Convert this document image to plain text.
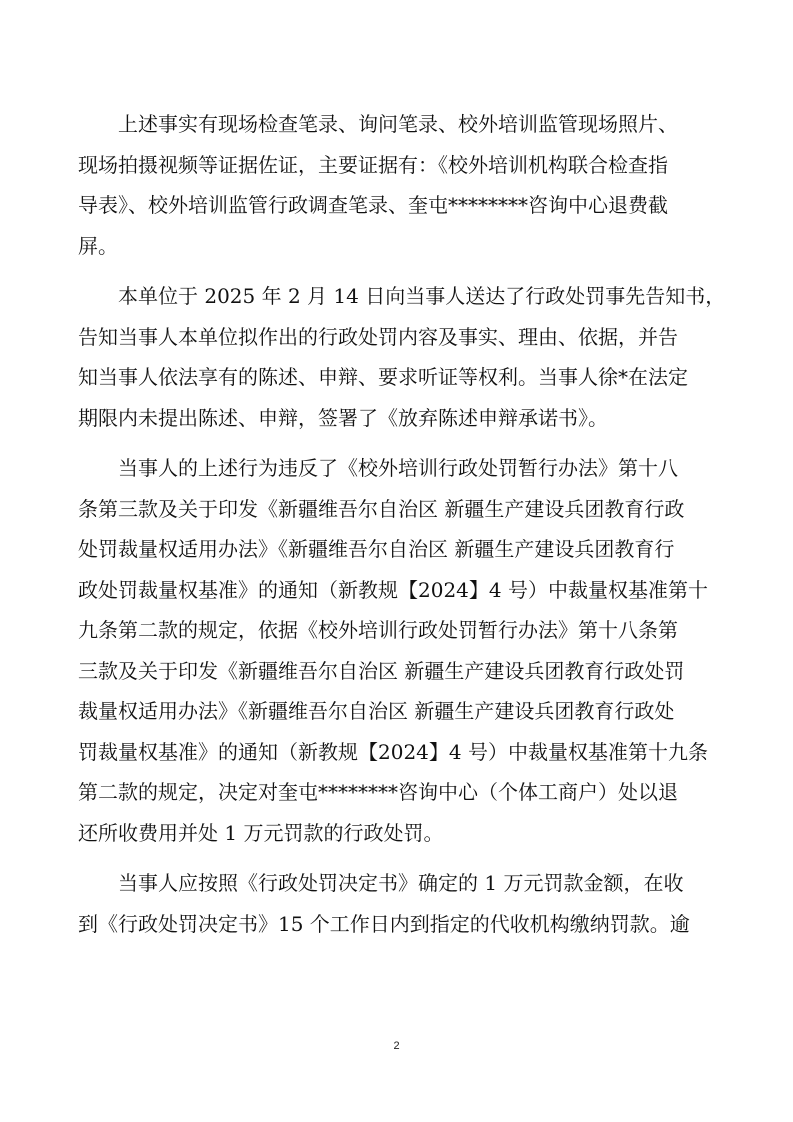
上述事实有现场检查笔录、询问笔录、校外培训监管现场照片、
现场拍摄视频等证据佐证，主要证据有：《校外培训机构联合检查指
导表》、校外培训监管行政调查笔录、奎屯********咨询中心退费截
屏。

本单位于 2025 年 2 月 14 日向当事人送达了行政处罚事先告知书，
告知当事人本单位拟作出的行政处罚内容及事实、理由、依据，并告
知当事人依法享有的陈述、申辩、要求听证等权利。当事人徐*在法定
期限内未提出陈述、申辩，签署了《放弃陈述申辩承诺书》。

当事人的上述行为违反了《校外培训行政处罚暂行办法》第十八
条第三款及关于印发《新疆维吾尔自治区 新疆生产建设兵团教育行政
处罚裁量权适用办法》《新疆维吾尔自治区 新疆生产建设兵团教育行
政处罚裁量权基准》的通知（新教规【2024】4 号）中裁量权基准第十
九条第二款的规定，依据《校外培训行政处罚暂行办法》第十八条第
三款及关于印发《新疆维吾尔自治区 新疆生产建设兵团教育行政处罚
裁量权适用办法》《新疆维吾尔自治区 新疆生产建设兵团教育行政处
罚裁量权基准》的通知（新教规【2024】4 号）中裁量权基准第十九条
第二款的规定，决定对奎屯********咨询中心（个体工商户）处以退
还所收费用并处 1 万元罚款的行政处罚。

当事人应按照《行政处罚决定书》确定的 1 万元罚款金额，在收
到《行政处罚决定书》15 个工作日内到指定的代收机构缴纳罚款。逾

2
